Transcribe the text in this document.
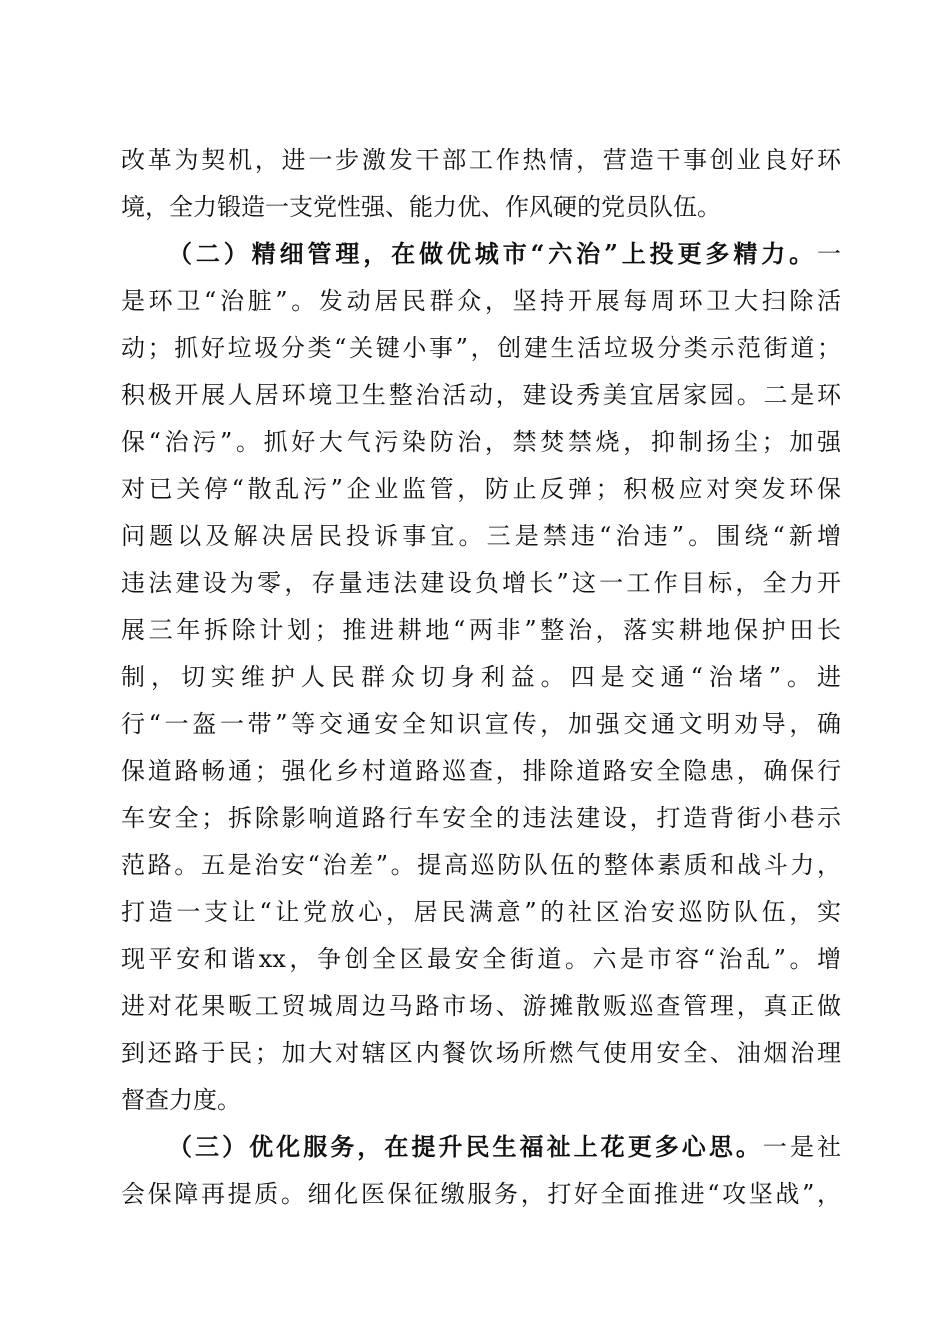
改革为契机，进一步激发干部工作热情，营造干事创业良好环
境，全力锻造一支党性强、能力优、作风硬的党员队伍。
（二）精细管理，在做优城市“六治”上投更多精力。一
是环卫“治脏”。发动居民群众，坚持开展每周环卫大扫除活
动；抓好垃圾分类“关键小事”，创建生活垃圾分类示范街道；
积极开展人居环境卫生整治活动，建设秀美宜居家园。二是环
保“治污”。抓好大气污染防治，禁焚禁烧，抑制扬尘；加强
对已关停“散乱污”企业监管，防止反弹；积极应对突发环保
问题以及解决居民投诉事宜。三是禁违“治违”。围绕“新增
违法建设为零，存量违法建设负增长”这一工作目标，全力开
展三年拆除计划；推进耕地“两非”整治，落实耕地保护田长
制，切实维护人民群众切身利益。四是交通“治堵”。进
行“一盔一带”等交通安全知识宣传，加强交通文明劝导，确
保道路畅通；强化乡村道路巡查，排除道路安全隐患，确保行
车安全；拆除影响道路行车安全的违法建设，打造背街小巷示
范路。五是治安“治差”。提高巡防队伍的整体素质和战斗力，
打造一支让“让党放心，居民满意”的社区治安巡防队伍，实
现平安和谐xx，争创全区最安全街道。六是市容“治乱”。增
进对花果畈工贸城周边马路市场、游摊散贩巡查管理，真正做
到还路于民；加大对辖区内餐饮场所燃气使用安全、油烟治理
督查力度。
（三）优化服务，在提升民生福祉上花更多心思。一是社
会保障再提质。细化医保征缴服务，打好全面推进“攻坚战”，
